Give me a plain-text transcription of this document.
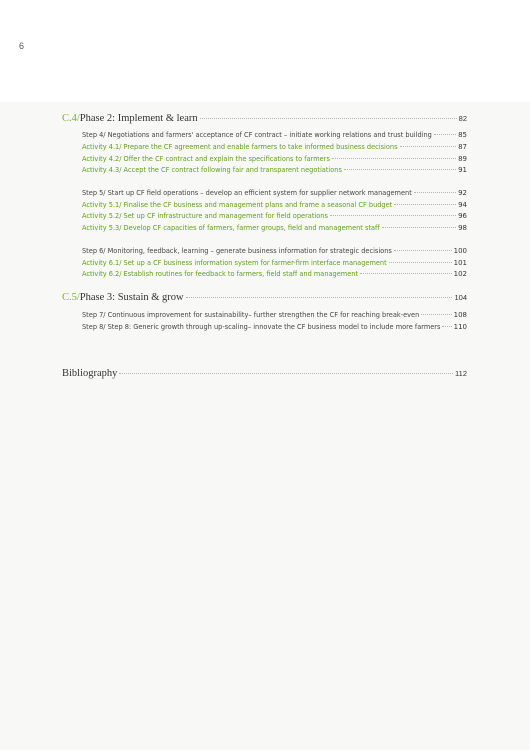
6
C.4/ Phase 2: Implement & learn	82
Step 4/ Negotiations and farmers' acceptance of CF contract – initiate working relations and trust building	85
Activity 4.1/ Prepare the CF agreement and enable farmers to take informed business decisions	87
Activity 4.2/ Offer the CF contract and explain the specifications to farmers	89
Activity 4.3/ Accept the CF contract following fair and transparent negotiations	91
Step 5/ Start up CF field operations – develop an efficient system for supplier network management	92
Activity 5.1/ Finalise the CF business and management plans and frame a seasonal CF budget	94
Activity 5.2/ Set up CF infrastructure and management for field operations	96
Activity 5.3/ Develop CF capacities of farmers, farmer groups, field and management staff	98
Step 6/ Monitoring, feedback, learning – generate business information for strategic decisions	100
Activity 6.1/ Set up a CF business information system for farmer-firm interface management	101
Activity 6.2/ Establish routines for feedback to farmers, field staff and management	102
C.5/ Phase 3: Sustain & grow	104
Step 7/ Continuous improvement for sustainability– further strengthen the CF for reaching break-even	108
Step 8/ Step 8: Generic growth through up-scaling– innovate the CF business model to include more farmers 110
Bibliography	112
